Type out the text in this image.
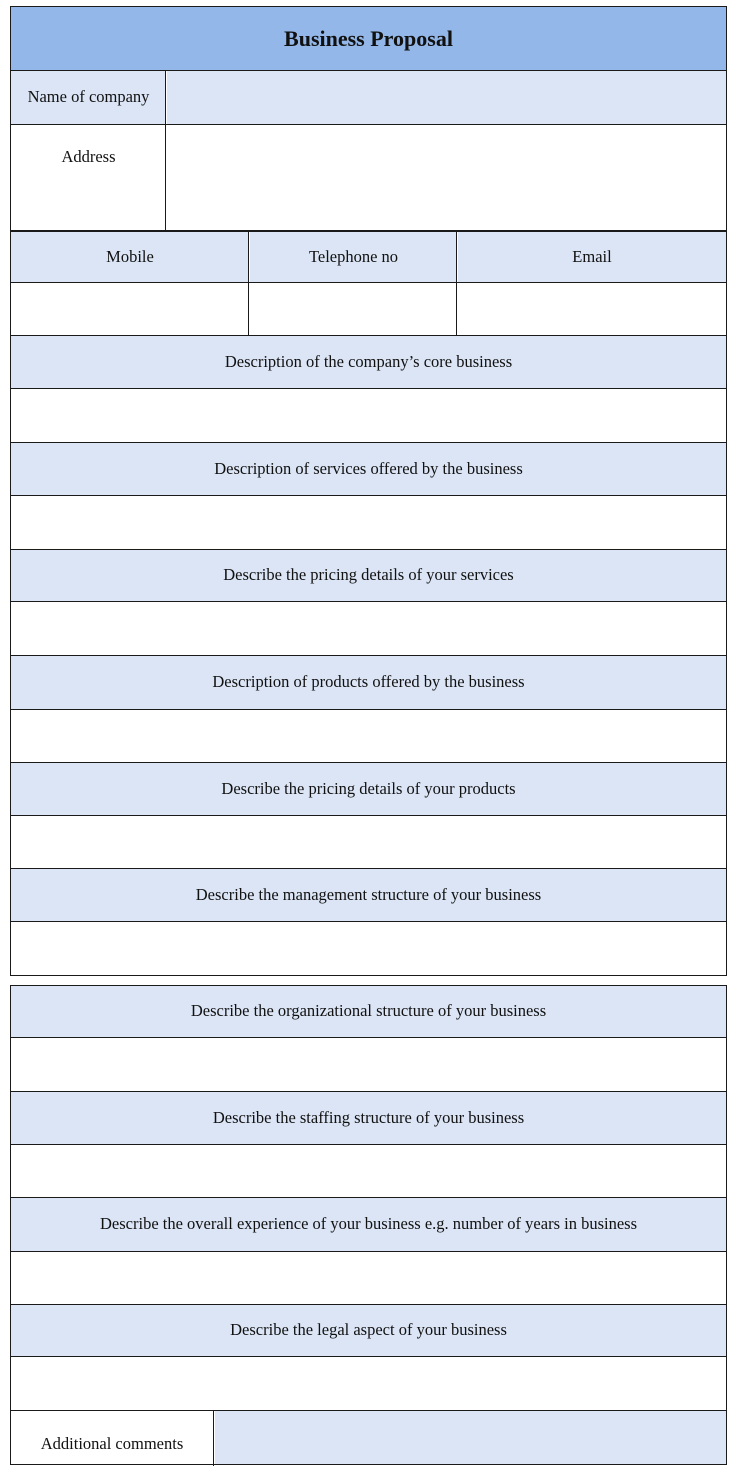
Business Proposal
Name of company
Address
Mobile	Telephone no	Email
Description of the company’s core business
Description of services offered by the business
Describe the pricing details of your services
Description of products offered by the business
Describe the pricing details of your products
Describe the management structure of your business
Describe the organizational structure of your business
Describe the staffing structure of your business
Describe the overall experience of your business e.g. number of years in business
Describe the legal aspect of your business
Additional comments
